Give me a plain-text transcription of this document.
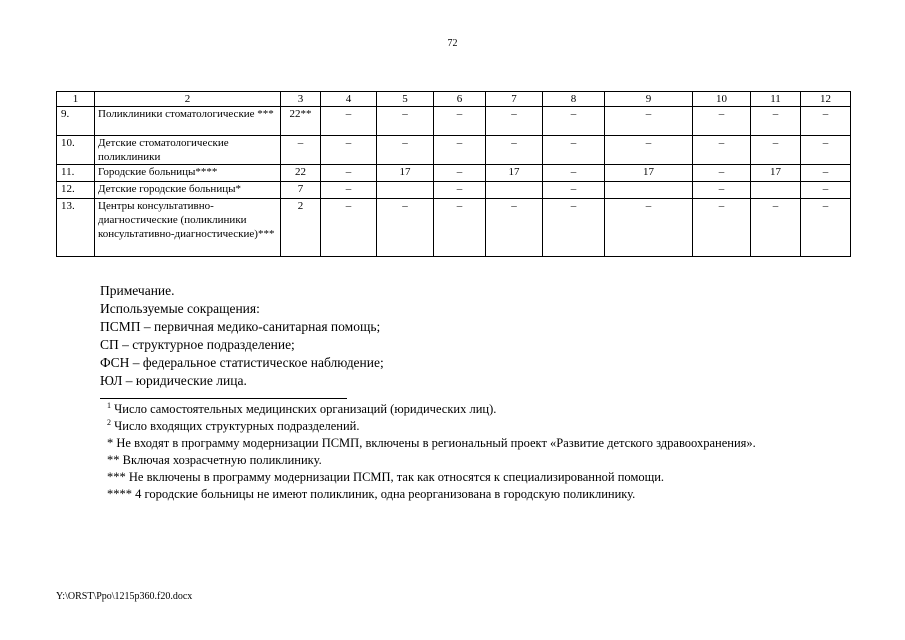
72
1	2	3	4	5	6	7	8	9	10	11	12
9.	Поликлиники стоматологические ***	22**	–	–	–	–	–	–	–	–	–
10.	Детские стоматологические поликлиники	–	–	–	–	–	–	–	–	–	–
11.	Городские больницы****	22	–	17	–	17	–	17	–	17	–
12.	Детские городские больницы*	7	–		–		–		–		–
13.	Центры консультативно-диагностические (поликлиники консультативно-диагностические)***	2	–	–	–	–	–	–	–	–	–
Примечание.
Используемые сокращения:
ПСМП – первичная медико-санитарная помощь;
СП – структурное подразделение;
ФСН – федеральное статистическое наблюдение;
ЮЛ – юридические лица.
$^1$ Число самостоятельных медицинских организаций (юридических лиц).
$^2$ Число входящих структурных подразделений.
* Не входят в программу модернизации ПСМП, включены в региональный проект «Развитие детского здравоохранения».
** Включая хозрасчетную поликлинику.
*** Не включены в программу модернизации ПСМП, так как относятся к специализированной помощи.
**** 4 городские больницы не имеют поликлиник, одна реорганизована в городскую поликлинику.
Y:\ORST\Ppo\1215p360.f20.docx
